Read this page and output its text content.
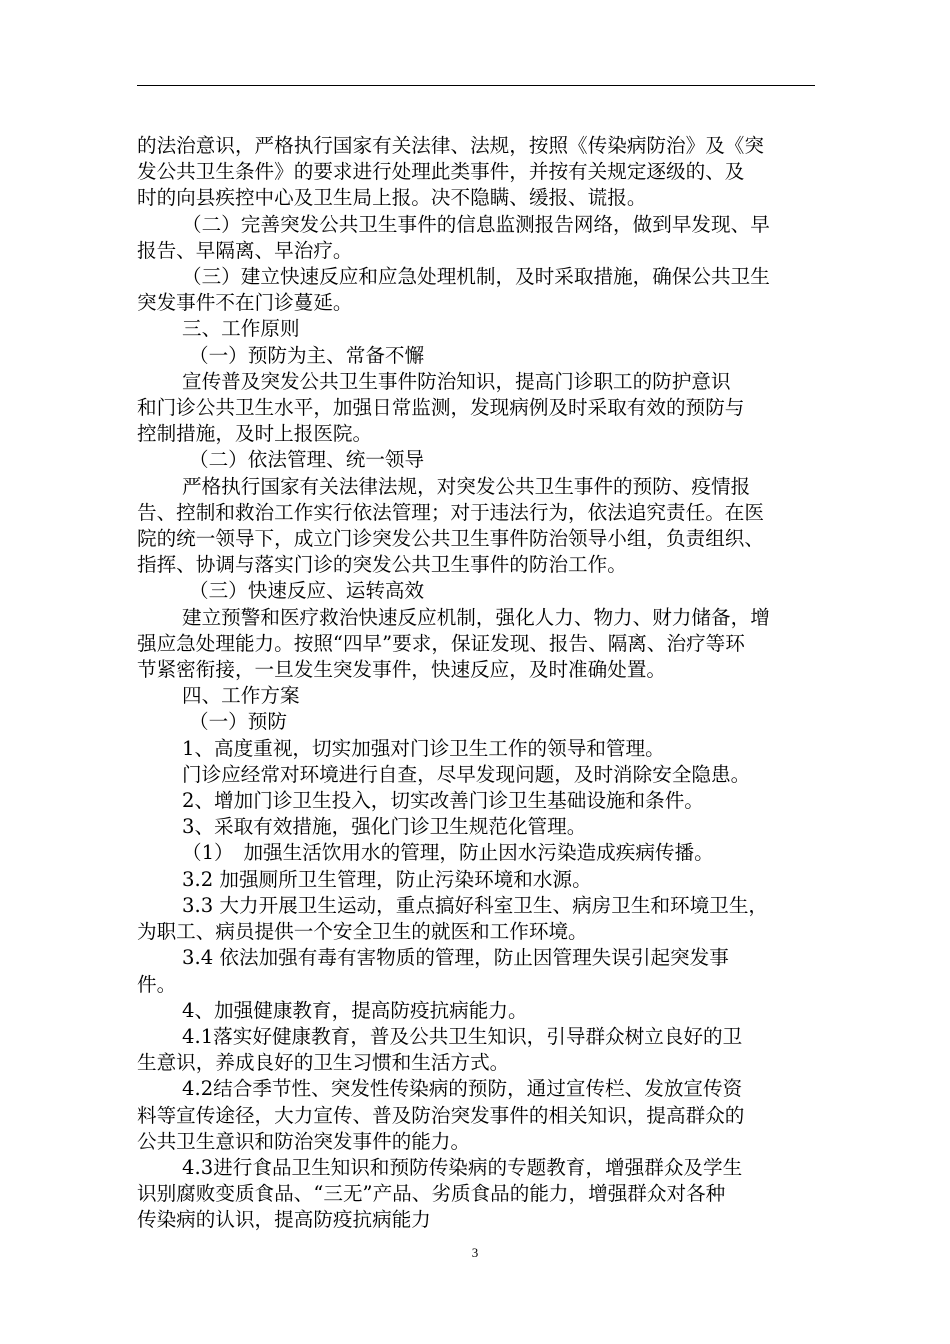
的法治意识，严格执行国家有关法律、法规，按照《传染病防治》及《突

发公共卫生条件》的要求进行处理此类事件，并按有关规定逐级的、及

时的向县疾控中心及卫生局上报。决不隐瞒、缓报、谎报。

（二）完善突发公共卫生事件的信息监测报告网络，做到早发现、早

报告、早隔离、早治疗。

（三）建立快速反应和应急处理机制，及时采取措施，确保公共卫生

突发事件不在门诊蔓延。

三、工作原则

（一）预防为主、常备不懈

宣传普及突发公共卫生事件防治知识，提高门诊职工的防护意识

和门诊公共卫生水平，加强日常监测，发现病例及时采取有效的预防与

控制措施，及时上报医院。

（二）依法管理、统一领导

严格执行国家有关法律法规，对突发公共卫生事件的预防、疫情报

告、控制和救治工作实行依法管理；对于违法行为，依法追究责任。在医

院的统一领导下，成立门诊突发公共卫生事件防治领导小组，负责组织、

指挥、协调与落实门诊的突发公共卫生事件的防治工作。

（三）快速反应、运转高效

建立预警和医疗救治快速反应机制，强化人力、物力、财力储备，增

强应急处理能力。按照“四早”要求，保证发现、报告、隔离、治疗等环

节紧密衔接，一旦发生突发事件，快速反应，及时准确处置。

四、工作方案

（一）预防

1、高度重视，切实加强对门诊卫生工作的领导和管理。

门诊应经常对环境进行自查，尽早发现问题，及时消除安全隐患。

2、增加门诊卫生投入，切实改善门诊卫生基础设施和条件。

3、采取有效措施，强化门诊卫生规范化管理。

（1）　加强生活饮用水的管理，防止因水污染造成疾病传播。

3.2 加强厕所卫生管理，防止污染环境和水源。

3.3 大力开展卫生运动，重点搞好科室卫生、病房卫生和环境卫生，

为职工、病员提供一个安全卫生的就医和工作环境。

3.4 依法加强有毒有害物质的管理，防止因管理失误引起突发事

件。

4、加强健康教育，提高防疫抗病能力。

4.1落实好健康教育，普及公共卫生知识，引导群众树立良好的卫

生意识，养成良好的卫生习惯和生活方式。

4.2结合季节性、突发性传染病的预防，通过宣传栏、发放宣传资

料等宣传途径，大力宣传、普及防治突发事件的相关知识，提高群众的

公共卫生意识和防治突发事件的能力。

4.3进行食品卫生知识和预防传染病的专题教育，增强群众及学生

识别腐败变质食品、“三无”产品、劣质食品的能力，增强群众对各种

传染病的认识，提高防疫抗病能力

3
